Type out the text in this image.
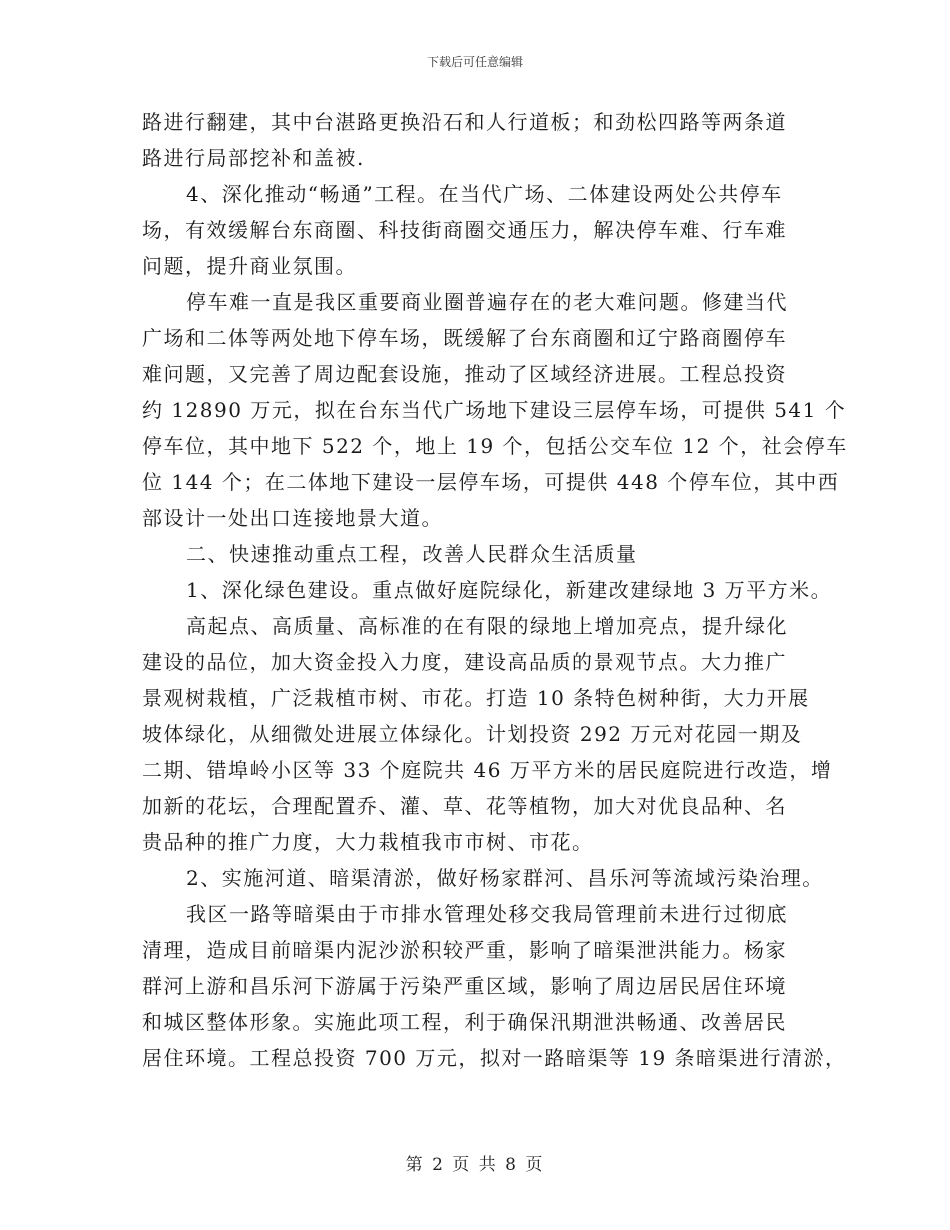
下载后可任意编辑
路进行翻建，其中台湛路更换沿石和人行道板；和劲松四路等两条道
路进行局部挖补和盖被.
4、深化推动“畅通”工程。在当代广场、二体建设两处公共停车
场，有效缓解台东商圈、科技街商圈交通压力，解决停车难、行车难
问题，提升商业氛围。
停车难一直是我区重要商业圈普遍存在的老大难问题。修建当代
广场和二体等两处地下停车场，既缓解了台东商圈和辽宁路商圈停车
难问题，又完善了周边配套设施，推动了区域经济进展。工程总投资
约 12890 万元，拟在台东当代广场地下建设三层停车场，可提供 541 个
停车位，其中地下 522 个，地上 19 个，包括公交车位 12 个，社会停车
位 144 个；在二体地下建设一层停车场，可提供 448 个停车位，其中西
部设计一处出口连接地景大道。
二、快速推动重点工程，改善人民群众生活质量
1、深化绿色建设。重点做好庭院绿化，新建改建绿地 3 万平方米。
高起点、高质量、高标准的在有限的绿地上增加亮点，提升绿化
建设的品位，加大资金投入力度，建设高品质的景观节点。大力推广
景观树栽植，广泛栽植市树、市花。打造 10 条特色树种街，大力开展
坡体绿化，从细微处进展立体绿化。计划投资 292 万元对花园一期及
二期、错埠岭小区等 33 个庭院共 46 万平方米的居民庭院进行改造，增
加新的花坛，合理配置乔、灌、草、花等植物，加大对优良品种、名
贵品种的推广力度，大力栽植我市市树、市花。
2、实施河道、暗渠清淤，做好杨家群河、昌乐河等流域污染治理。
我区一路等暗渠由于市排水管理处移交我局管理前未进行过彻底
清理，造成目前暗渠内泥沙淤积较严重，影响了暗渠泄洪能力。杨家
群河上游和昌乐河下游属于污染严重区域，影响了周边居民居住环境
和城区整体形象。实施此项工程，利于确保汛期泄洪畅通、改善居民
居住环境。工程总投资 700 万元，拟对一路暗渠等 19 条暗渠进行清淤，
第 2 页 共 8 页
